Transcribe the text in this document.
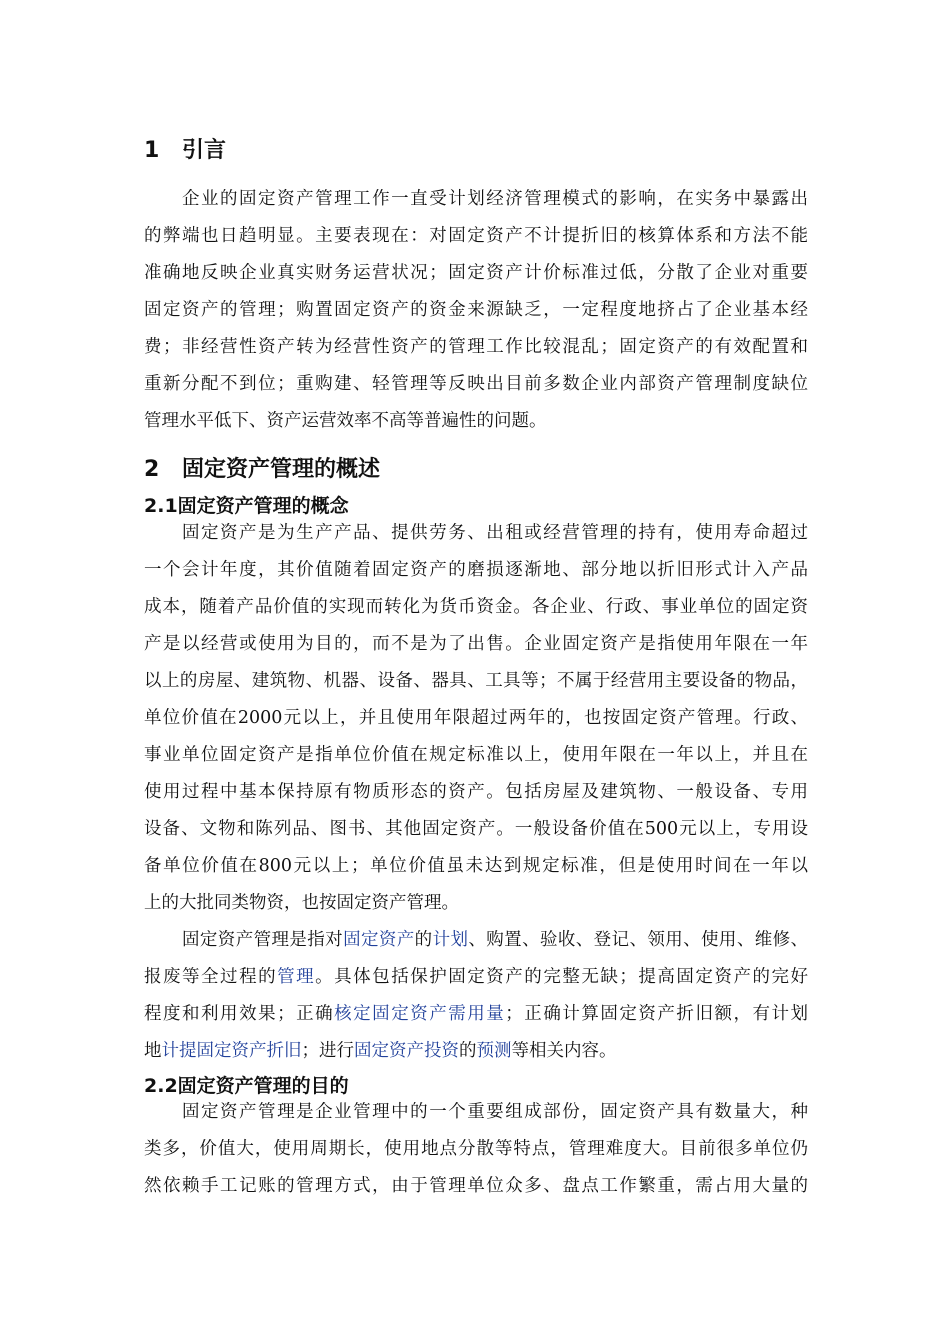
1 引言
企业的固定资产管理工作一直受计划经济管理模式的影响，在实务中暴露出
的弊端也日趋明显。主要表现在：对固定资产不计提折旧的核算体系和方法不能
准确地反映企业真实财务运营状况；固定资产计价标准过低，分散了企业对重要
固定资产的管理；购置固定资产的资金来源缺乏，一定程度地挤占了企业基本经
费；非经营性资产转为经营性资产的管理工作比较混乱；固定资产的有效配置和
重新分配不到位；重购建、轻管理等反映出目前多数企业内部资产管理制度缺位
管理水平低下、资产运营效率不高等普遍性的问题。
2 固定资产管理的概述
2.1固定资产管理的概念
固定资产是为生产产品、提供劳务、出租或经营管理的持有，使用寿命超过
一个会计年度，其价值随着固定资产的磨损逐渐地、部分地以折旧形式计入产品
成本，随着产品价值的实现而转化为货币资金。各企业、行政、事业单位的固定资
产是以经营或使用为目的，而不是为了出售。企业固定资产是指使用年限在一年
以上的房屋、建筑物、机器、设备、器具、工具等；不属于经营用主要设备的物品，
单位价值在2000元以上，并且使用年限超过两年的，也按固定资产管理。行政、
事业单位固定资产是指单位价值在规定标准以上，使用年限在一年以上，并且在
使用过程中基本保持原有物质形态的资产。包括房屋及建筑物、一般设备、专用
设备、文物和陈列品、图书、其他固定资产。一般设备价值在500元以上，专用设
备单位价值在800元以上；单位价值虽未达到规定标准，但是使用时间在一年以
上的大批同类物资，也按固定资产管理。
固定资产管理是指对固定资产的计划、购置、验收、登记、领用、使用、维修、
报废等全过程的管理。具体包括保护固定资产的完整无缺；提高固定资产的完好
程度和利用效果；正确核定固定资产需用量；正确计算固定资产折旧额，有计划
地计提固定资产折旧；进行固定资产投资的预测等相关内容。
2.2固定资产管理的目的
固定资产管理是企业管理中的一个重要组成部份，固定资产具有数量大，种
类多，价值大，使用周期长，使用地点分散等特点，管理难度大。目前很多单位仍
然依赖手工记账的管理方式，由于管理单位众多、盘点工作繁重，需占用大量的
